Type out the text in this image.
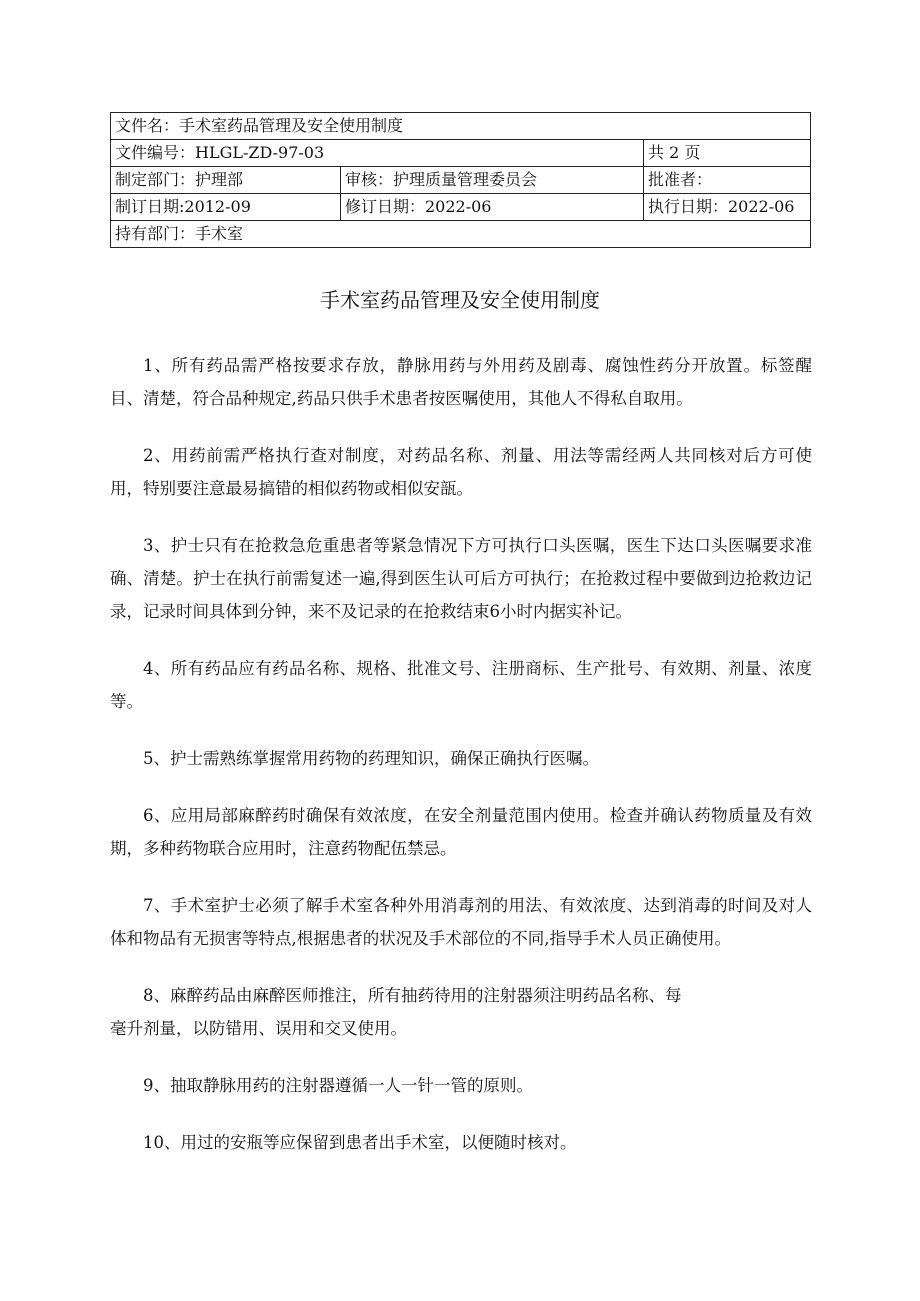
文件名：手术室药品管理及安全使用制度		
文件编号：HLGL-ZD-97-03		共 2 页
制定部门：护理部	审核：护理质量管理委员会	批准者：
制订日期:2012-09	修订日期：2022-06	执行日期：2022-06
持有部门：手术室		
手术室药品管理及安全使用制度

1、所有药品需严格按要求存放，静脉用药与外用药及剧毒、腐蚀性药分开放置。标签醒目、清楚，符合品种规定,药品只供手术患者按医嘱使用，其他人不得私自取用。

2、用药前需严格执行查对制度，对药品名称、剂量、用法等需经两人共同核对后方可使用，特别要注意最易搞错的相似药物或相似安瓿。

3、护士只有在抢救急危重患者等紧急情况下方可执行口头医嘱，医生下达口头医嘱要求准确、清楚。护士在执行前需复述一遍,得到医生认可后方可执行；在抢救过程中要做到边抢救边记录，记录时间具体到分钟，来不及记录的在抢救结束6小时内据实补记。

4、所有药品应有药品名称、规格、批准文号、注册商标、生产批号、有效期、剂量、浓度等。

5、护士需熟练掌握常用药物的药理知识，确保正确执行医嘱。

6、应用局部麻醉药时确保有效浓度，在安全剂量范围内使用。检查并确认药物质量及有效期，多种药物联合应用时，注意药物配伍禁忌。

7、手术室护士必须了解手术室各种外用消毒剂的用法、有效浓度、达到消毒的时间及对人体和物品有无损害等特点,根据患者的状况及手术部位的不同,指导手术人员正确使用。

8、麻醉药品由麻醉医师推注，所有抽药待用的注射器须注明药品名称、每
毫升剂量，以防错用、误用和交叉使用。

9、抽取静脉用药的注射器遵循一人一针一管的原则。

10、用过的安瓶等应保留到患者出手术室，以便随时核对。
